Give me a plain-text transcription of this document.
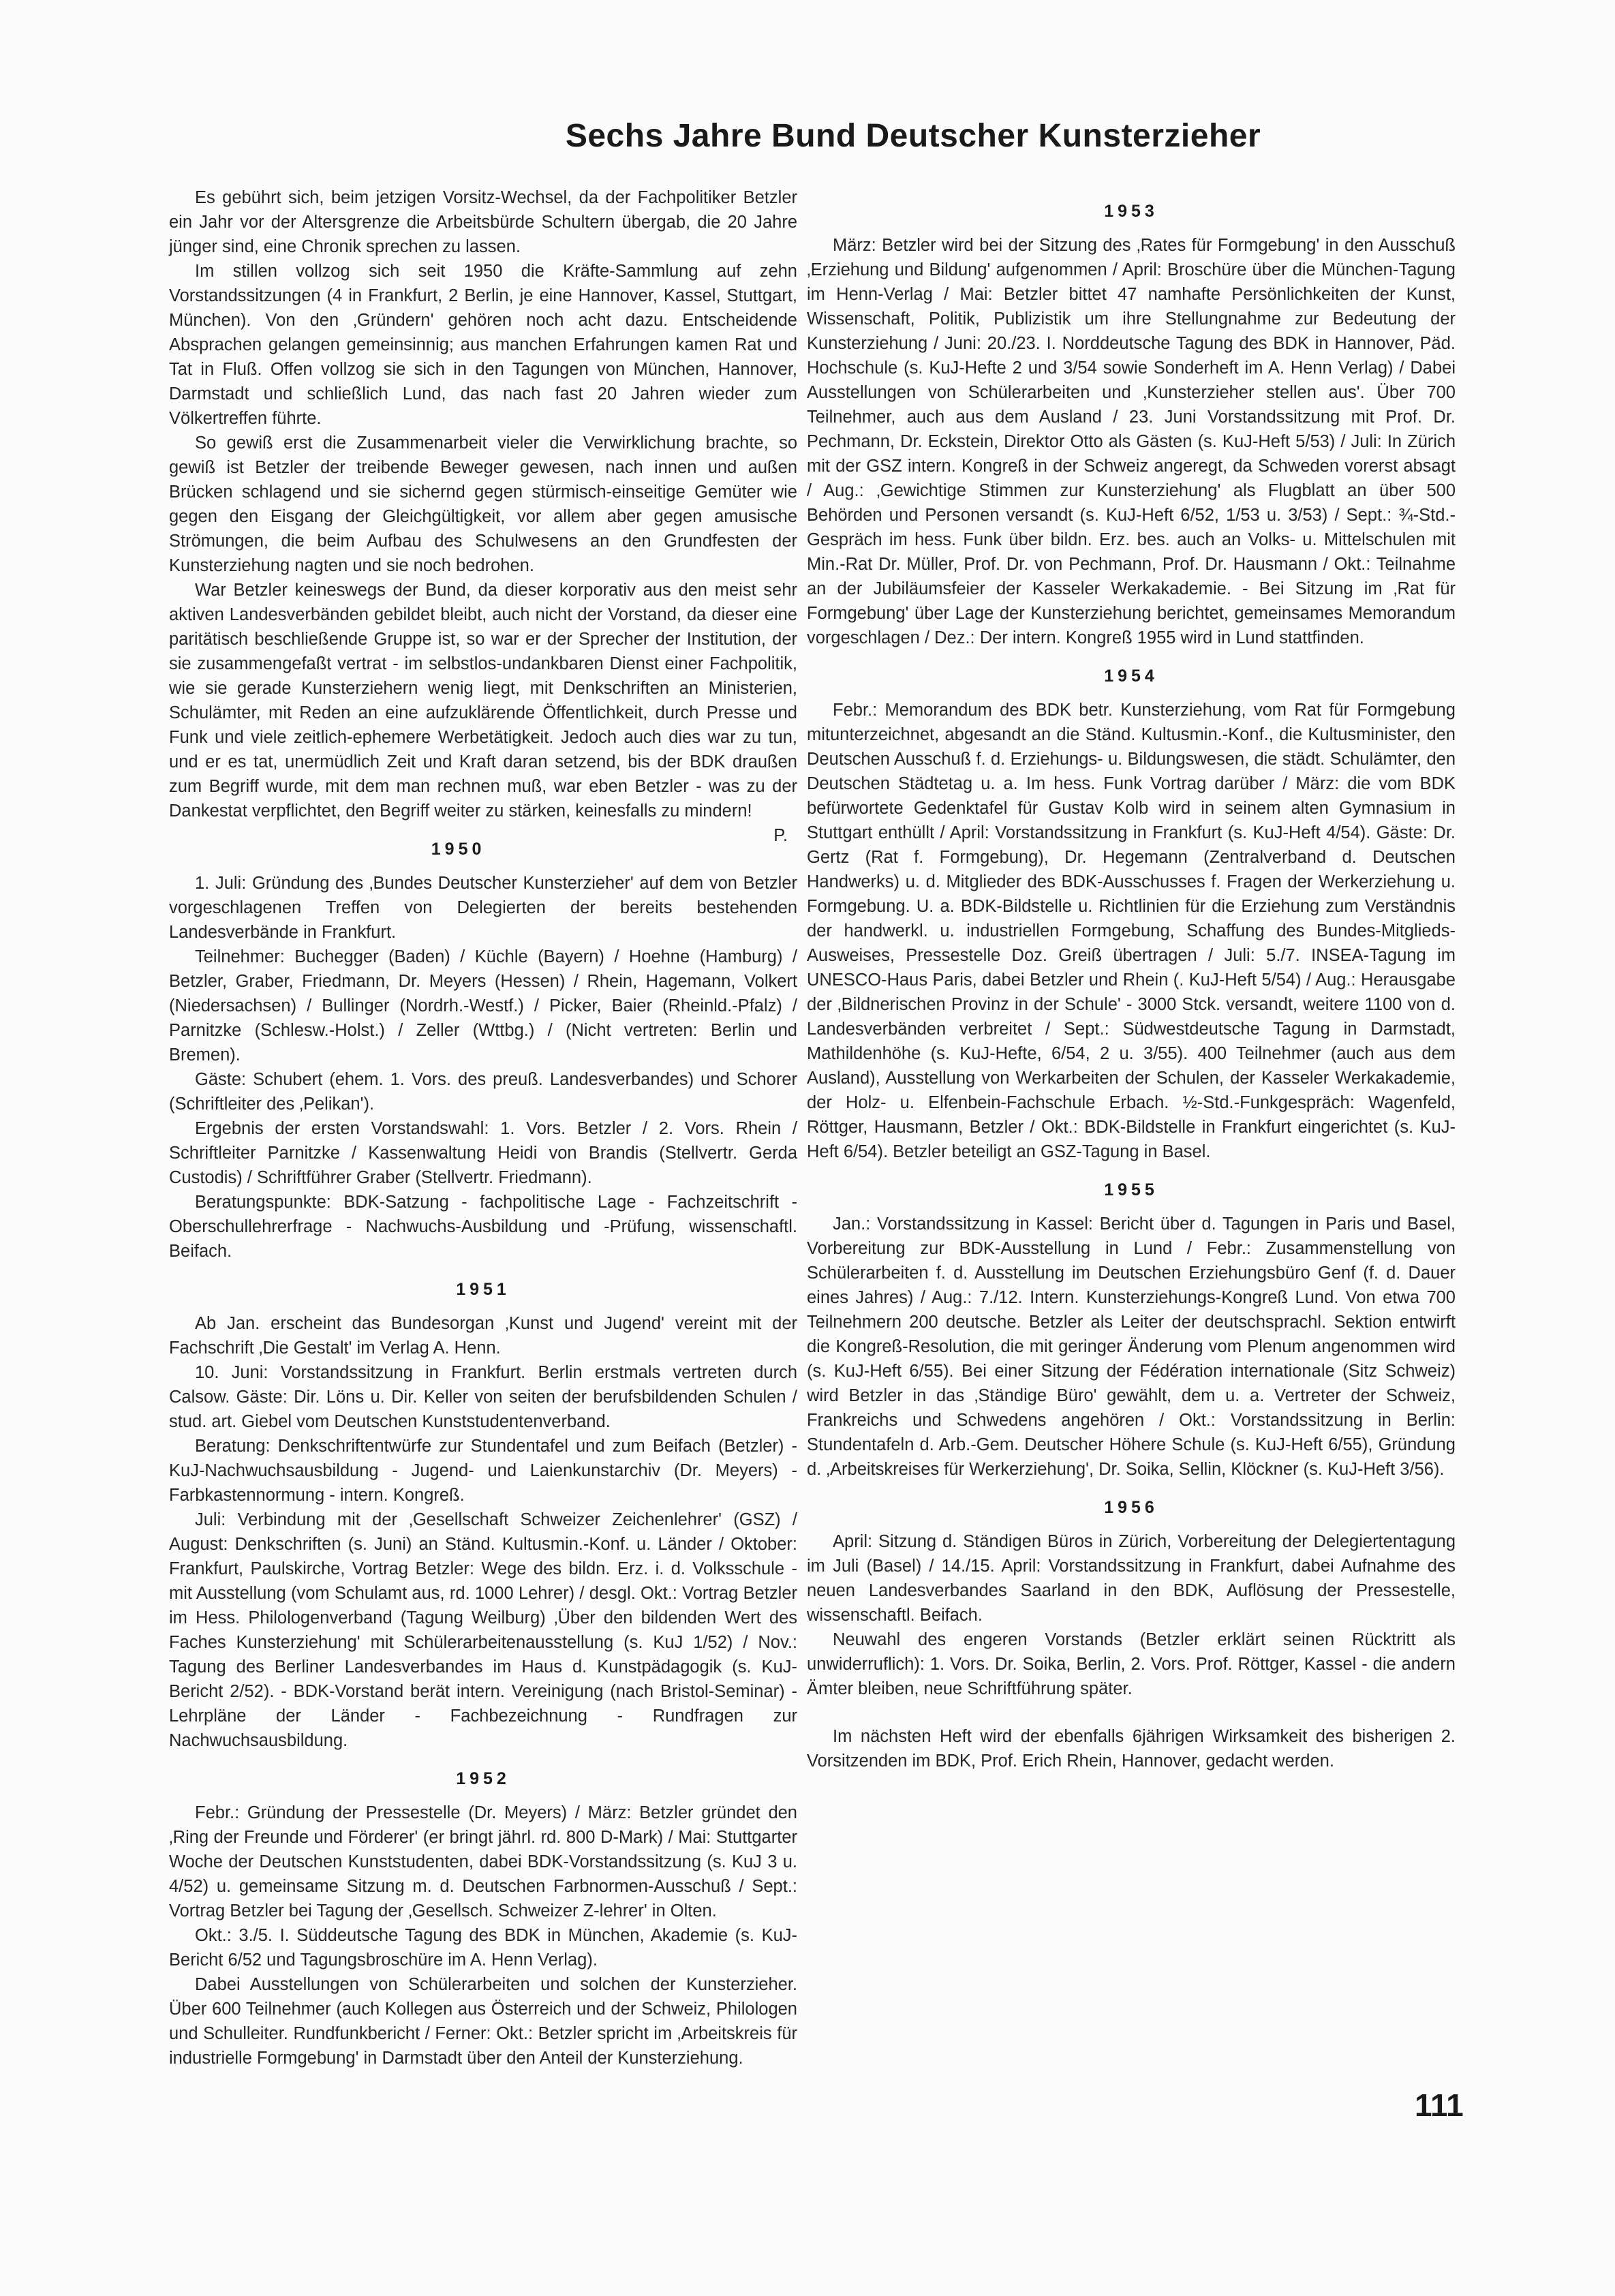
Sechs Jahre Bund Deutscher Kunsterzieher

Es gebührt sich, beim jetzigen Vorsitz-Wechsel, da der Fachpolitiker Betzler ein Jahr vor der Altersgrenze die Arbeitsbürde Schultern übergab, die 20 Jahre jünger sind, eine Chronik sprechen zu lassen.

Im stillen vollzog sich seit 1950 die Kräfte-Sammlung auf zehn Vorstandssitzungen (4 in Frankfurt, 2 Berlin, je eine Hannover, Kassel, Stuttgart, München). Von den ‚Gründern' gehören noch acht dazu. Entscheidende Absprachen gelangen gemeinsinnig; aus manchen Erfahrungen kamen Rat und Tat in Fluß. Offen vollzog sie sich in den Tagungen von München, Hannover, Darmstadt und schließlich Lund, das nach fast 20 Jahren wieder zum Völkertreffen führte.

So gewiß erst die Zusammenarbeit vieler die Verwirklichung brachte, so gewiß ist Betzler der treibende Beweger gewesen, nach innen und außen Brücken schlagend und sie sichernd gegen stürmisch-einseitige Gemüter wie gegen den Eisgang der Gleichgültigkeit, vor allem aber gegen amusische Strömungen, die beim Aufbau des Schulwesens an den Grundfesten der Kunsterziehung nagten und sie noch bedrohen.

War Betzler keineswegs der Bund, da dieser korporativ aus den meist sehr aktiven Landesverbänden gebildet bleibt, auch nicht der Vorstand, da dieser eine paritätisch beschließende Gruppe ist, so war er der Sprecher der Institution, der sie zusammengefaßt vertrat - im selbstlos-undankbaren Dienst einer Fachpolitik, wie sie gerade Kunsterziehern wenig liegt, mit Denkschriften an Ministerien, Schulämter, mit Reden an eine aufzuklärende Öffentlichkeit, durch Presse und Funk und viele zeitlich-ephemere Werbetätigkeit. Jedoch auch dies war zu tun, und er es tat, unermüdlich Zeit und Kraft daran setzend, bis der BDK draußen zum Begriff wurde, mit dem man rechnen muß, war eben Betzler - was zu der Dankestat verpflichtet, den Begriff weiter zu stärken, keinesfalls zu mindern!
P.

1950

1. Juli: Gründung des ‚Bundes Deutscher Kunsterzieher' auf dem von Betzler vorgeschlagenen Treffen von Delegierten der bereits bestehenden Landesverbände in Frankfurt.

Teilnehmer: Buchegger (Baden) / Küchle (Bayern) / Hoehne (Hamburg) / Betzler, Graber, Friedmann, Dr. Meyers (Hessen) / Rhein, Hagemann, Volkert (Niedersachsen) / Bullinger (Nordrh.-Westf.) / Picker, Baier (Rheinld.-Pfalz) / Parnitzke (Schlesw.-Holst.) / Zeller (Wttbg.) / (Nicht vertreten: Berlin und Bremen).

Gäste: Schubert (ehem. 1. Vors. des preuß. Landesverbandes) und Schorer (Schriftleiter des ‚Pelikan').

Ergebnis der ersten Vorstandswahl: 1. Vors. Betzler / 2. Vors. Rhein / Schriftleiter Parnitzke / Kassenwaltung Heidi von Brandis (Stellvertr. Gerda Custodis) / Schriftführer Graber (Stellvertr. Friedmann).

Beratungspunkte: BDK-Satzung - fachpolitische Lage - Fachzeitschrift - Oberschullehrerfrage - Nachwuchs-Ausbildung und -Prüfung, wissenschaftl. Beifach.

1951

Ab Jan. erscheint das Bundesorgan ‚Kunst und Jugend' vereint mit der Fachschrift ‚Die Gestalt' im Verlag A. Henn.

10. Juni: Vorstandssitzung in Frankfurt. Berlin erstmals vertreten durch Calsow. Gäste: Dir. Löns u. Dir. Keller von seiten der berufsbildenden Schulen / stud. art. Giebel vom Deutschen Kunststudentenverband.

Beratung: Denkschriftentwürfe zur Stundentafel und zum Beifach (Betzler) - KuJ-Nachwuchsausbildung - Jugend- und Laienkunstarchiv (Dr. Meyers) - Farbkastennormung - intern. Kongreß.

Juli: Verbindung mit der ‚Gesellschaft Schweizer Zeichenlehrer' (GSZ) / August: Denkschriften (s. Juni) an Ständ. Kultusmin.-Konf. u. Länder / Oktober: Frankfurt, Paulskirche, Vortrag Betzler: Wege des bildn. Erz. i. d. Volksschule - mit Ausstellung (vom Schulamt aus, rd. 1000 Lehrer) / desgl. Okt.: Vortrag Betzler im Hess. Philologenverband (Tagung Weilburg) ‚Über den bildenden Wert des Faches Kunsterziehung' mit Schülerarbeitenausstellung (s. KuJ 1/52) / Nov.: Tagung des Berliner Landesverbandes im Haus d. Kunstpädagogik (s. KuJ-Bericht 2/52). - BDK-Vorstand berät intern. Vereinigung (nach Bristol-Seminar) - Lehrpläne der Länder - Fachbezeichnung - Rundfragen zur Nachwuchsausbildung.

1952

Febr.: Gründung der Pressestelle (Dr. Meyers) / März: Betzler gründet den ‚Ring der Freunde und Förderer' (er bringt jährl. rd. 800 D-Mark) / Mai: Stuttgarter Woche der Deutschen Kunststudenten, dabei BDK-Vorstandssitzung (s. KuJ 3 u. 4/52) u. gemeinsame Sitzung m. d. Deutschen Farbnormen-Ausschuß / Sept.: Vortrag Betzler bei Tagung der ‚Gesellsch. Schweizer Z-lehrer' in Olten.

Okt.: 3./5. I. Süddeutsche Tagung des BDK in München, Akademie (s. KuJ-Bericht 6/52 und Tagungsbroschüre im A. Henn Verlag).

Dabei Ausstellungen von Schülerarbeiten und solchen der Kunsterzieher. Über 600 Teilnehmer (auch Kollegen aus Österreich und der Schweiz, Philologen und Schulleiter. Rundfunkbericht / Ferner: Okt.: Betzler spricht im ‚Arbeitskreis für industrielle Formgebung' in Darmstadt über den Anteil der Kunsterziehung.

1953

März: Betzler wird bei der Sitzung des ‚Rates für Formgebung' in den Ausschuß ‚Erziehung und Bildung' aufgenommen / April: Broschüre über die München-Tagung im Henn-Verlag / Mai: Betzler bittet 47 namhafte Persönlichkeiten der Kunst, Wissenschaft, Politik, Publizistik um ihre Stellungnahme zur Bedeutung der Kunsterziehung / Juni: 20./23. I. Norddeutsche Tagung des BDK in Hannover, Päd. Hochschule (s. KuJ-Hefte 2 und 3/54 sowie Sonderheft im A. Henn Verlag) / Dabei Ausstellungen von Schülerarbeiten und ‚Kunsterzieher stellen aus'. Über 700 Teilnehmer, auch aus dem Ausland / 23. Juni Vorstandssitzung mit Prof. Dr. Pechmann, Dr. Eckstein, Direktor Otto als Gästen (s. KuJ-Heft 5/53) / Juli: In Zürich mit der GSZ intern. Kongreß in der Schweiz angeregt, da Schweden vorerst absagt / Aug.: ‚Gewichtige Stimmen zur Kunsterziehung' als Flugblatt an über 500 Behörden und Personen versandt (s. KuJ-Heft 6/52, 1/53 u. 3/53) / Sept.: ¾-Std.-Gespräch im hess. Funk über bildn. Erz. bes. auch an Volks- u. Mittelschulen mit Min.-Rat Dr. Müller, Prof. Dr. von Pechmann, Prof. Dr. Hausmann / Okt.: Teilnahme an der Jubiläumsfeier der Kasseler Werkakademie. - Bei Sitzung im ‚Rat für Formgebung' über Lage der Kunsterziehung berichtet, gemeinsames Memorandum vorgeschlagen / Dez.: Der intern. Kongreß 1955 wird in Lund stattfinden.

1954

Febr.: Memorandum des BDK betr. Kunsterziehung, vom Rat für Formgebung mitunterzeichnet, abgesandt an die Ständ. Kultusmin.-Konf., die Kultusminister, den Deutschen Ausschuß f. d. Erziehungs- u. Bildungswesen, die städt. Schulämter, den Deutschen Städtetag u. a. Im hess. Funk Vortrag darüber / März: die vom BDK befürwortete Gedenktafel für Gustav Kolb wird in seinem alten Gymnasium in Stuttgart enthüllt / April: Vorstandssitzung in Frankfurt (s. KuJ-Heft 4/54). Gäste: Dr. Gertz (Rat f. Formgebung), Dr. Hegemann (Zentralverband d. Deutschen Handwerks) u. d. Mitglieder des BDK-Ausschusses f. Fragen der Werkerziehung u. Formgebung. U. a. BDK-Bildstelle u. Richtlinien für die Erziehung zum Verständnis der handwerkl. u. industriellen Formgebung, Schaffung des Bundes-Mitglieds-Ausweises, Pressestelle Doz. Greiß übertragen / Juli: 5./7. INSEA-Tagung im UNESCO-Haus Paris, dabei Betzler und Rhein (. KuJ-Heft 5/54) / Aug.: Herausgabe der ‚Bildnerischen Provinz in der Schule' - 3000 Stck. versandt, weitere 1100 von d. Landesverbänden verbreitet / Sept.: Südwestdeutsche Tagung in Darmstadt, Mathildenhöhe (s. KuJ-Hefte, 6/54, 2 u. 3/55). 400 Teilnehmer (auch aus dem Ausland), Ausstellung von Werkarbeiten der Schulen, der Kasseler Werkakademie, der Holz- u. Elfenbein-Fachschule Erbach. ½-Std.-Funkgespräch: Wagenfeld, Röttger, Hausmann, Betzler / Okt.: BDK-Bildstelle in Frankfurt eingerichtet (s. KuJ-Heft 6/54). Betzler beteiligt an GSZ-Tagung in Basel.

1955

Jan.: Vorstandssitzung in Kassel: Bericht über d. Tagungen in Paris und Basel, Vorbereitung zur BDK-Ausstellung in Lund / Febr.: Zusammenstellung von Schülerarbeiten f. d. Ausstellung im Deutschen Erziehungsbüro Genf (f. d. Dauer eines Jahres) / Aug.: 7./12. Intern. Kunsterziehungs-Kongreß Lund. Von etwa 700 Teilnehmern 200 deutsche. Betzler als Leiter der deutschsprachl. Sektion entwirft die Kongreß-Resolution, die mit geringer Änderung vom Plenum angenommen wird (s. KuJ-Heft 6/55). Bei einer Sitzung der Fédération internationale (Sitz Schweiz) wird Betzler in das ‚Ständige Büro' gewählt, dem u. a. Vertreter der Schweiz, Frankreichs und Schwedens angehören / Okt.: Vorstandssitzung in Berlin: Stundentafeln d. Arb.-Gem. Deutscher Höhere Schule (s. KuJ-Heft 6/55), Gründung d. ‚Arbeitskreises für Werkerziehung', Dr. Soika, Sellin, Klöckner (s. KuJ-Heft 3/56).

1956

April: Sitzung d. Ständigen Büros in Zürich, Vorbereitung der Delegiertentagung im Juli (Basel) / 14./15. April: Vorstandssitzung in Frankfurt, dabei Aufnahme des neuen Landesverbandes Saarland in den BDK, Auflösung der Pressestelle, wissenschaftl. Beifach.

Neuwahl des engeren Vorstands (Betzler erklärt seinen Rücktritt als unwiderruflich): 1. Vors. Dr. Soika, Berlin, 2. Vors. Prof. Röttger, Kassel - die andern Ämter bleiben, neue Schriftführung später.

Im nächsten Heft wird der ebenfalls 6jährigen Wirksamkeit des bisherigen 2. Vorsitzenden im BDK, Prof. Erich Rhein, Hannover, gedacht werden.

111
